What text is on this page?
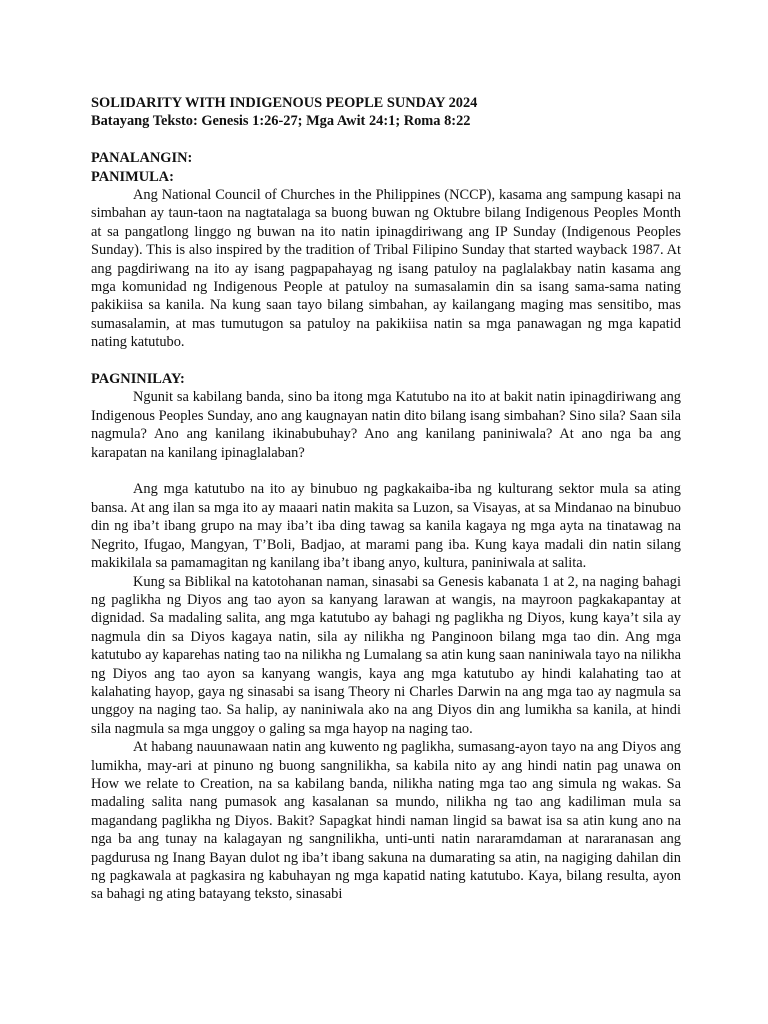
SOLIDARITY WITH INDIGENOUS PEOPLE SUNDAY 2024

Batayang Teksto: Genesis 1:26-27; Mga Awit 24:1; Roma 8:22

PANALANGIN:

PANIMULA:

Ang National Council of Churches in the Philippines (NCCP), kasama ang sampung kasapi na simbahan ay taun-taon na nagtatalaga sa buong buwan ng Oktubre bilang Indigenous Peoples Month at sa pangatlong linggo ng buwan na ito natin ipinagdiriwang ang IP Sunday (Indigenous Peoples Sunday). This is also inspired by the tradition of Tribal Filipino Sunday that started wayback 1987. At ang pagdiriwang na ito ay isang pagpapahayag ng isang patuloy na paglalakbay natin kasama ang mga komunidad ng Indigenous People at patuloy na sumasalamin din sa isang sama-sama nating pakikiisa sa kanila. Na kung saan tayo bilang simbahan, ay kailangang maging mas sensitibo, mas sumasalamin, at mas tumutugon sa patuloy na pakikiisa natin sa mga panawagan ng mga kapatid nating katutubo.

PAGNINILAY:

Ngunit sa kabilang banda, sino ba itong mga Katutubo na ito at bakit natin ipinagdiriwang ang Indigenous Peoples Sunday, ano ang kaugnayan natin dito bilang isang simbahan? Sino sila? Saan sila nagmula? Ano ang kanilang ikinabubuhay? Ano ang kanilang paniniwala? At ano nga ba ang karapatan na kanilang ipinaglalaban?

Ang mga katutubo na ito ay binubuo ng pagkakaiba-iba ng kulturang sektor mula sa ating bansa. At ang ilan sa mga ito ay maaari natin makita sa Luzon, sa Visayas, at sa Mindanao na binubuo din ng iba’t ibang grupo na may iba’t iba ding tawag sa kanila kagaya ng mga ayta na tinatawag na Negrito, Ifugao, Mangyan, T’Boli, Badjao, at marami pang iba. Kung kaya madali din natin silang makikilala sa pamamagitan ng kanilang iba’t ibang anyo, kultura, paniniwala at salita.

Kung sa Biblikal na katotohanan naman, sinasabi sa Genesis kabanata 1 at 2, na naging bahagi ng paglikha ng Diyos ang tao ayon sa kanyang larawan at wangis, na mayroon pagkakapantay at dignidad. Sa madaling salita, ang mga katutubo ay bahagi ng paglikha ng Diyos, kung kaya’t sila ay nagmula din sa Diyos kagaya natin, sila ay nilikha ng Panginoon bilang mga tao din. Ang mga katutubo ay kaparehas nating tao na nilikha ng Lumalang sa atin kung saan naniniwala tayo na nilikha ng Diyos ang tao ayon sa kanyang wangis, kaya ang mga katutubo ay hindi kalahating tao at kalahating hayop, gaya ng sinasabi sa isang Theory ni Charles Darwin na ang mga tao ay nagmula sa unggoy na naging tao. Sa halip, ay naniniwala ako na ang Diyos din ang lumikha sa kanila, at hindi sila nagmula sa mga unggoy o galing sa mga hayop na naging tao.

At habang nauunawaan natin ang kuwento ng paglikha, sumasang-ayon tayo na ang Diyos ang lumikha, may-ari at pinuno ng buong sangnilikha, sa kabila nito ay ang hindi natin pag unawa on How we relate to Creation, na sa kabilang banda, nilikha nating mga tao ang simula ng wakas. Sa madaling salita nang pumasok ang kasalanan sa mundo, nilikha ng tao ang kadiliman mula sa magandang paglikha ng Diyos. Bakit? Sapagkat hindi naman lingid sa bawat isa sa atin kung ano na nga ba ang tunay na kalagayan ng sangnilikha, unti-unti natin nararamdaman at nararanasan ang pagdurusa ng Inang Bayan dulot ng iba’t ibang sakuna na dumarating sa atin, na nagiging dahilan din ng pagkawala at pagkasira ng kabuhayan ng mga kapatid nating katutubo. Kaya, bilang resulta, ayon sa bahagi ng ating batayang teksto, sinasabi
